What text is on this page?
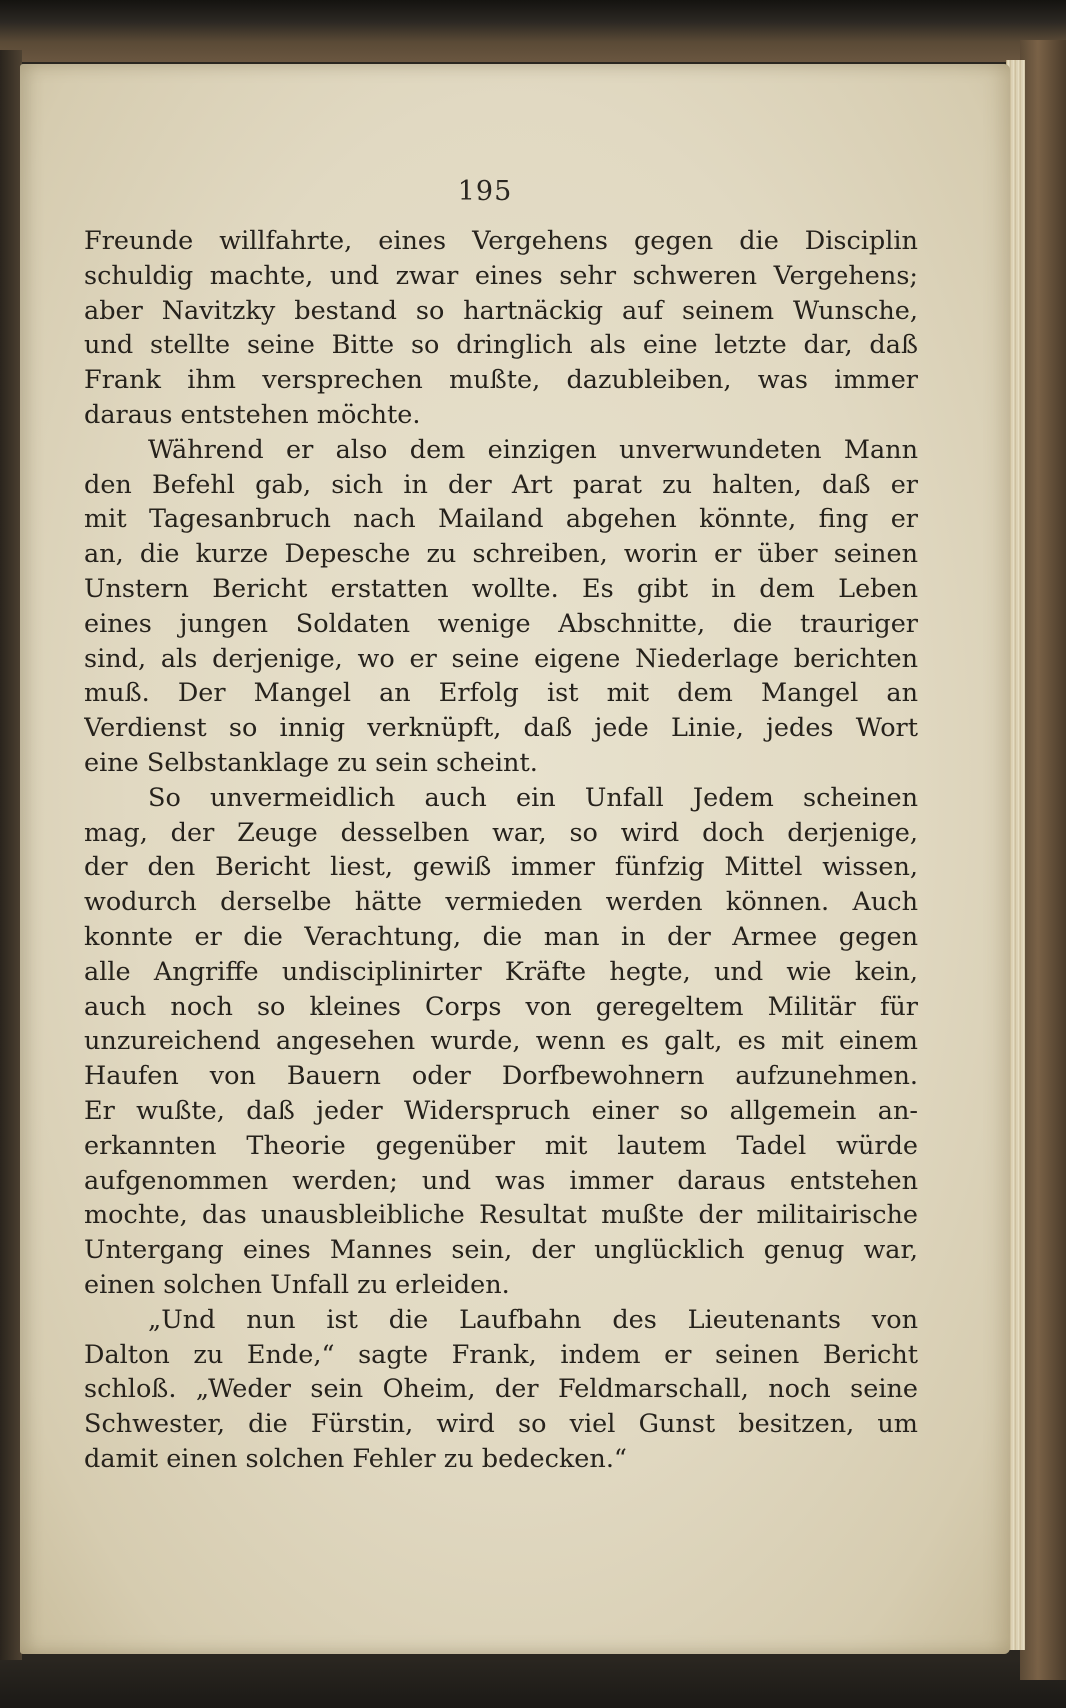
195
Freunde willfahrte, eines Vergehens gegen die Disciplin
schuldig machte, und zwar eines sehr schweren Vergehens;
aber Navitzky bestand so hartnäckig auf seinem Wunsche,
und stellte seine Bitte so dringlich als eine letzte dar, daß
Frank ihm versprechen mußte, dazubleiben, was immer
daraus entstehen möchte.
Während er also dem einzigen unverwundeten Mann
den Befehl gab, sich in der Art parat zu halten, daß er
mit Tagesanbruch nach Mailand abgehen könnte, fing er
an, die kurze Depesche zu schreiben, worin er über seinen
Unstern Bericht erstatten wollte. Es gibt in dem Leben
eines jungen Soldaten wenige Abschnitte, die trauriger
sind, als derjenige, wo er seine eigene Niederlage berichten
muß. Der Mangel an Erfolg ist mit dem Mangel an
Verdienst so innig verknüpft, daß jede Linie, jedes Wort
eine Selbstanklage zu sein scheint.
So unvermeidlich auch ein Unfall Jedem scheinen
mag, der Zeuge desselben war, so wird doch derjenige,
der den Bericht liest, gewiß immer fünfzig Mittel wissen,
wodurch derselbe hätte vermieden werden können. Auch
konnte er die Verachtung, die man in der Armee gegen
alle Angriffe undisciplinirter Kräfte hegte, und wie kein,
auch noch so kleines Corps von geregeltem Militär für
unzureichend angesehen wurde, wenn es galt, es mit einem
Haufen von Bauern oder Dorfbewohnern aufzunehmen.
Er wußte, daß jeder Widerspruch einer so allgemein an-
erkannten Theorie gegenüber mit lautem Tadel würde
aufgenommen werden; und was immer daraus entstehen
mochte, das unausbleibliche Resultat mußte der militairische
Untergang eines Mannes sein, der unglücklich genug war,
einen solchen Unfall zu erleiden.
„Und nun ist die Laufbahn des Lieutenants von
Dalton zu Ende,“ sagte Frank, indem er seinen Bericht
schloß. „Weder sein Oheim, der Feldmarschall, noch seine
Schwester, die Fürstin, wird so viel Gunst besitzen, um
damit einen solchen Fehler zu bedecken.“
